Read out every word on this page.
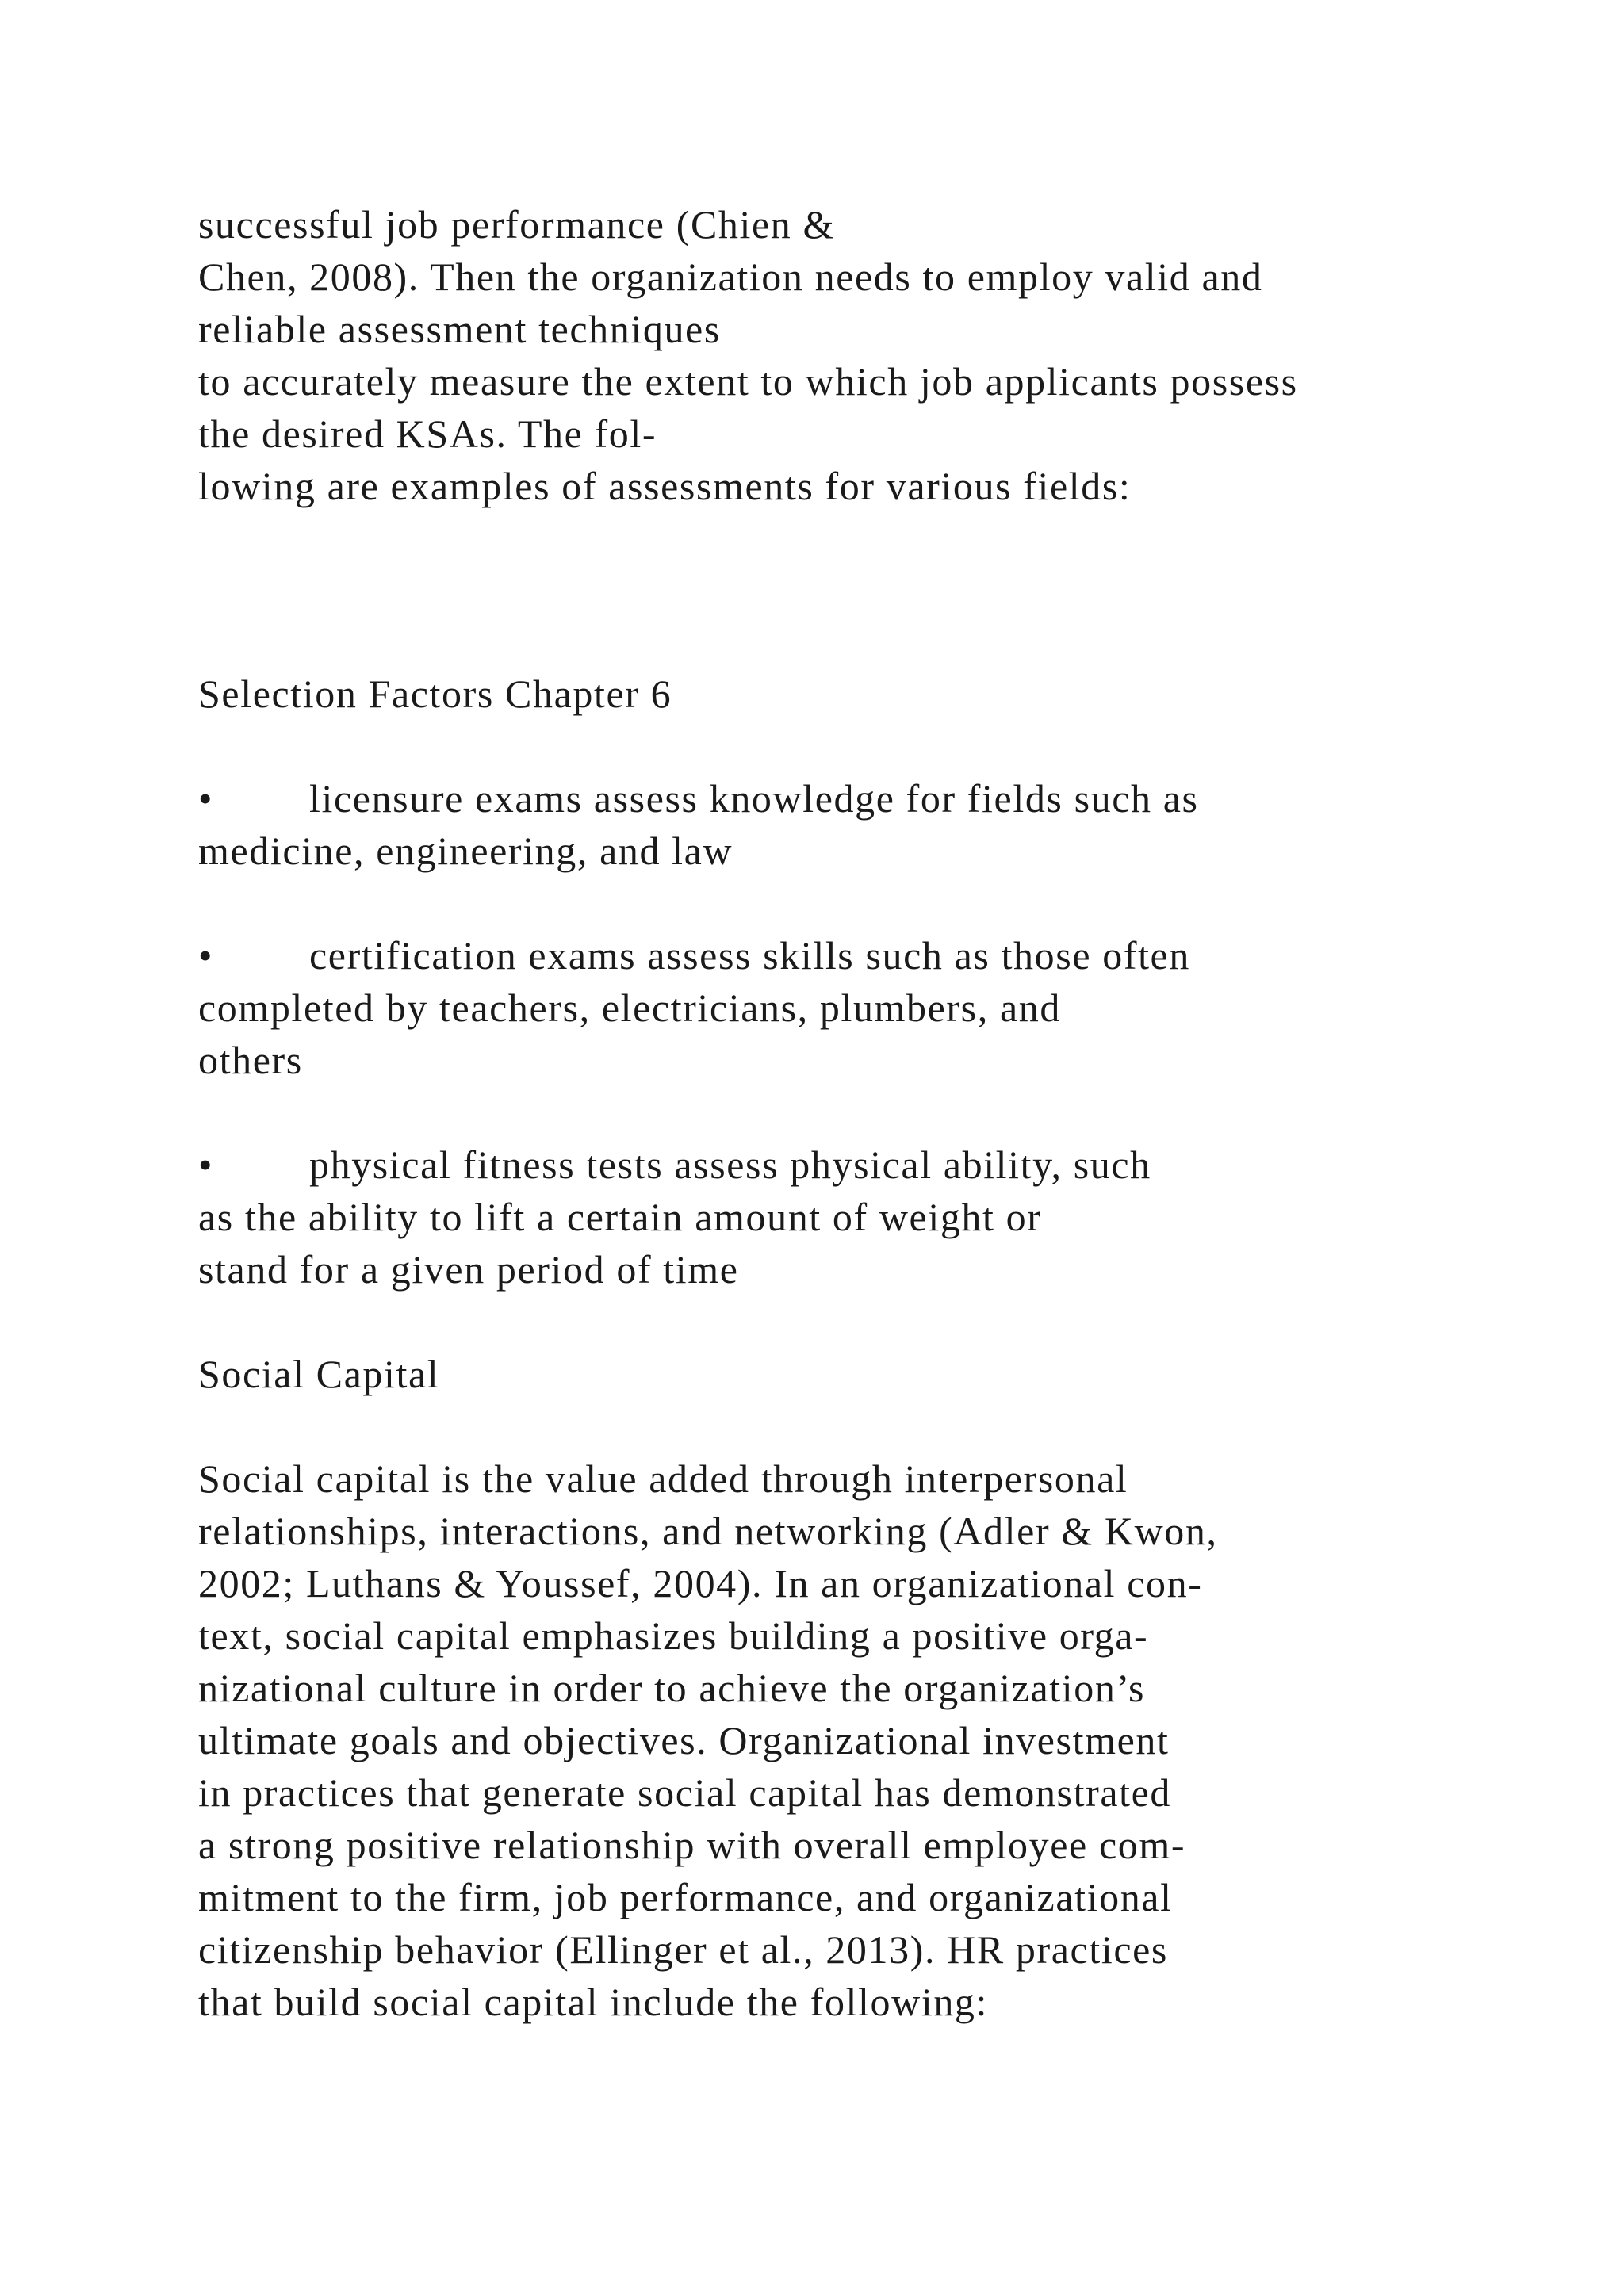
successful job performance (Chien &
Chen, 2008). Then the organization needs to employ valid and
reliable assessment techniques
to accurately measure the extent to which job applicants possess
the desired KSAs. The fol-
lowing are examples of assessments for various fields:
Selection Factors Chapter 6
• licensure exams assess knowledge for fields such as
medicine, engineering, and law
• certification exams assess skills such as those often
completed by teachers, electricians, plumbers, and
others
• physical fitness tests assess physical ability, such
as the ability to lift a certain amount of weight or
stand for a given period of time
Social Capital
Social capital is the value added through interpersonal
relationships, interactions, and networking (Adler & Kwon,
2002; Luthans & Youssef, 2004). In an organizational con-
text, social capital emphasizes building a positive orga-
nizational culture in order to achieve the organization’s
ultimate goals and objectives. Organizational investment
in practices that generate social capital has demonstrated
a strong positive relationship with overall employee com-
mitment to the firm, job performance, and organizational
citizenship behavior (Ellinger et al., 2013). HR practices
that build social capital include the following:
